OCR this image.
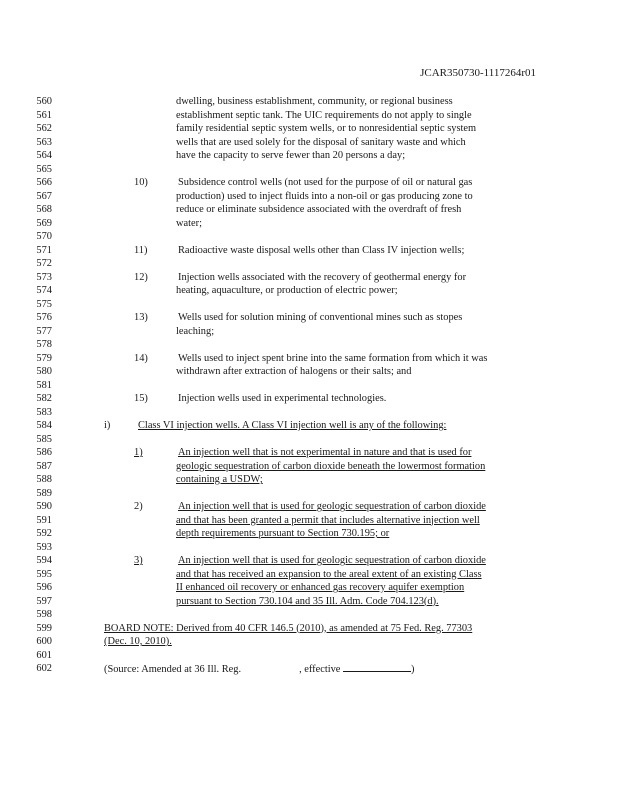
JCAR350730-1117264r01
560	dwelling, business establishment, community, or regional business
561	establishment septic tank. The UIC requirements do not apply to single
562	family residential septic system wells, or to nonresidential septic system
563	wells that are used solely for the disposal of sanitary waste and which
564	have the capacity to serve fewer than 20 persons a day;
565
566	10)	Subsidence control wells (not used for the purpose of oil or natural gas
567	production) used to inject fluids into a non-oil or gas producing zone to
568	reduce or eliminate subsidence associated with the overdraft of fresh
569	water;
570
571	11)	Radioactive waste disposal wells other than Class IV injection wells;
572
573	12)	Injection wells associated with the recovery of geothermal energy for
574	heating, aquaculture, or production of electric power;
575
576	13)	Wells used for solution mining of conventional mines such as stopes
577	leaching;
578
579	14)	Wells used to inject spent brine into the same formation from which it was
580	withdrawn after extraction of halogens or their salts; and
581
582	15)	Injection wells used in experimental technologies.
583
584	i)	Class VI injection wells. A Class VI injection well is any of the following:
585
586	1)	An injection well that is not experimental in nature and that is used for
587	geologic sequestration of carbon dioxide beneath the lowermost formation
588	containing a USDW;
589
590	2)	An injection well that is used for geologic sequestration of carbon dioxide
591	and that has been granted a permit that includes alternative injection well
592	depth requirements pursuant to Section 730.195; or
593
594	3)	An injection well that is used for geologic sequestration of carbon dioxide
595	and that has received an expansion to the areal extent of an existing Class
596	II enhanced oil recovery or enhanced gas recovery aquifer exemption
597	pursuant to Section 730.104 and 35 Ill. Adm. Code 704.123(d).
598
599	BOARD NOTE: Derived from 40 CFR 146.5 (2010), as amended at 75 Fed. Reg. 77303
600	(Dec. 10, 2010).
601
602	(Source: Amended at 36 Ill. Reg.	, effective	)
